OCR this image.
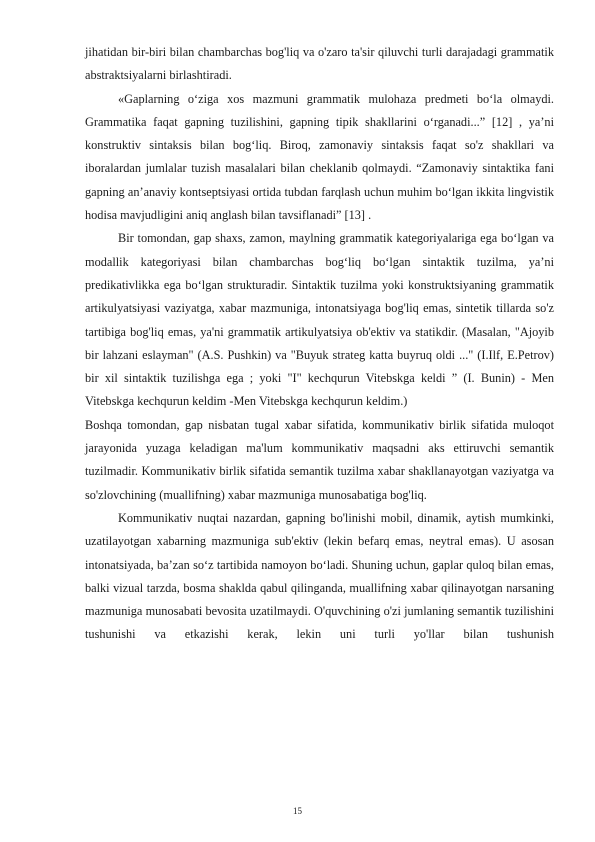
jihatidan bir-biri bilan chambarchas bog'liq va o'zaro ta'sir qiluvchi turli darajadagi grammatik abstraktsiyalarni birlashtiradi.

«Gaplarning o‘ziga xos mazmuni grammatik mulohaza predmeti bo‘la olmaydi. Grammatika faqat gapning tuzilishini, gapning tipik shakllarini o‘rganadi...” [12] , ya’ni konstruktiv sintaksis bilan bog‘liq. Biroq, zamonaviy sintaksis faqat so'z shakllari va iboralardan jumlalar tuzish masalalari bilan cheklanib qolmaydi. “Zamonaviy sintaktika fani gapning an’anaviy kontseptsiyasi ortida tubdan farqlash uchun muhim bo‘lgan ikkita lingvistik hodisa mavjudligini aniq anglash bilan tavsiflanadi” [13] .

Bir tomondan, gap shaxs, zamon, maylning grammatik kategoriyalariga ega bo‘lgan va modallik kategoriyasi bilan chambarchas bog‘liq bo‘lgan sintaktik tuzilma, ya’ni predikativlikka ega bo‘lgan strukturadir. Sintaktik tuzilma yoki konstruktsiyaning grammatik artikulyatsiyasi vaziyatga, xabar mazmuniga, intonatsiyaga bog'liq emas, sintetik tillarda so'z tartibiga bog'liq emas, ya'ni grammatik artikulyatsiya ob'ektiv va statikdir. (Masalan, "Ajoyib bir lahzani eslayman" (A.S. Pushkin) va "Buyuk strateg katta buyruq oldi ..." (I.Ilf, E.Petrov) bir xil sintaktik tuzilishga ega ; yoki "I" kechqurun Vitebskga keldi ” (I. Bunin) - Men Vitebskga kechqurun keldim -Men Vitebskga kechqurun keldim.)

Boshqa tomondan, gap nisbatan tugal xabar sifatida, kommunikativ birlik sifatida muloqot jarayonida yuzaga keladigan ma'lum kommunikativ maqsadni aks ettiruvchi semantik tuzilmadir. Kommunikativ birlik sifatida semantik tuzilma xabar shakllanayotgan vaziyatga va so'zlovchining (muallifning) xabar mazmuniga munosabatiga bog'liq.

Kommunikativ nuqtai nazardan, gapning bo'linishi mobil, dinamik, aytish mumkinki, uzatilayotgan xabarning mazmuniga sub'ektiv (lekin befarq emas, neytral emas). U asosan intonatsiyada, ba’zan so‘z tartibida namoyon bo‘ladi. Shuning uchun, gaplar quloq bilan emas, balki vizual tarzda, bosma shaklda qabul qilinganda, muallifning xabar qilinayotgan narsaning mazmuniga munosabati bevosita uzatilmaydi. O'quvchining o'zi jumlaning semantik tuzilishini tushunishi va etkazishi kerak, lekin uni turli yo'llar bilan tushunish

15
